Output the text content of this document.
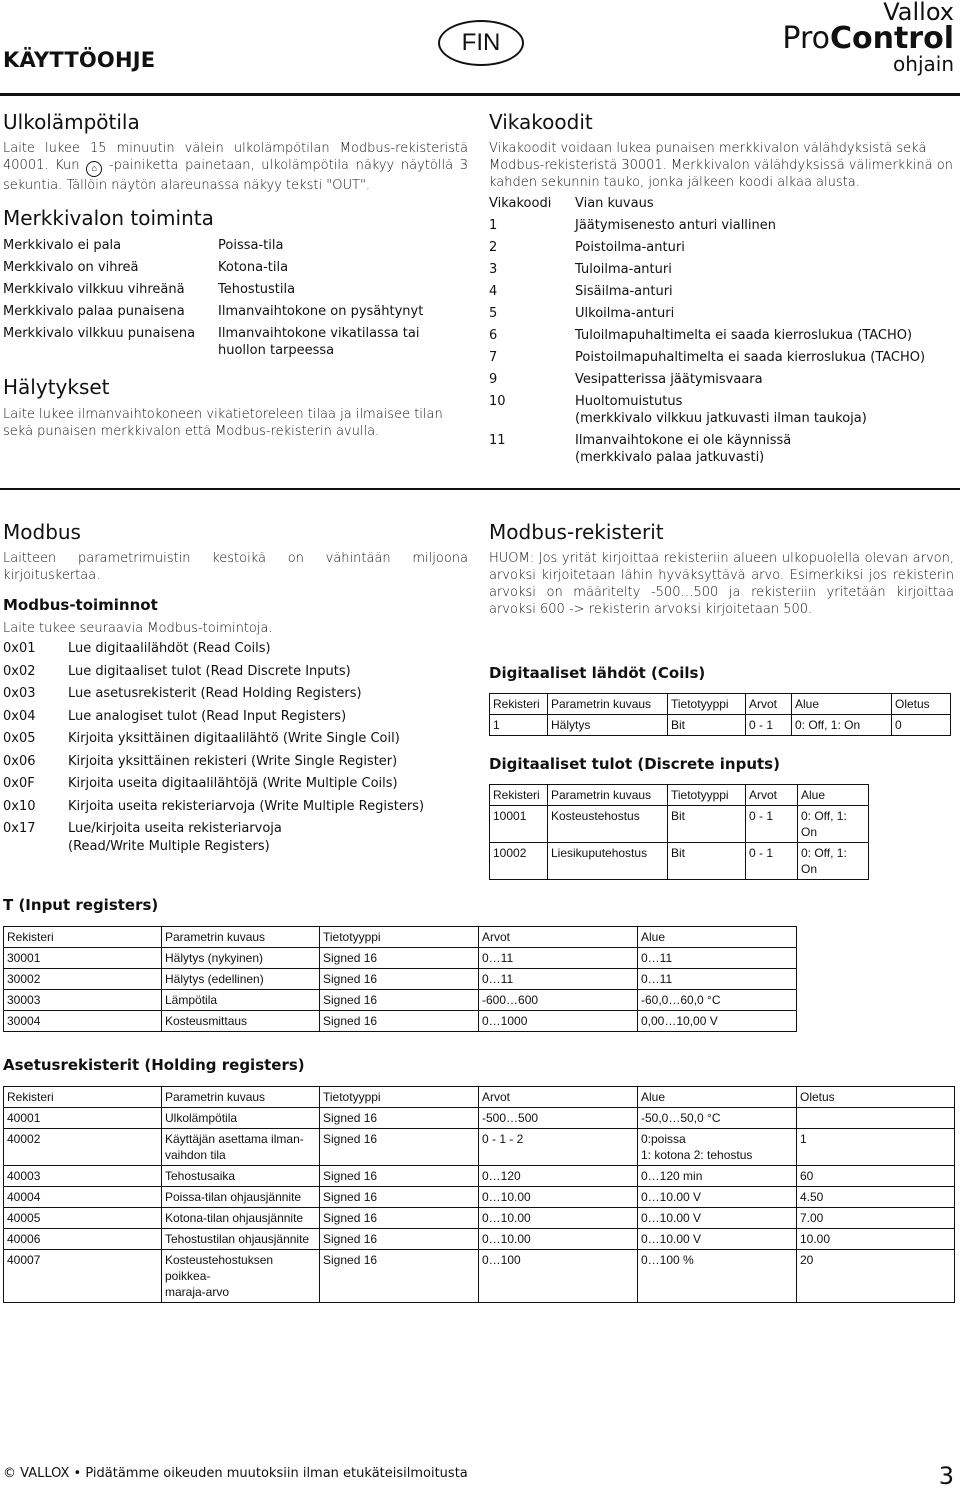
KÄYTTÖOHJE
FIN
Vallox
ProControl
ohjain
Ulkolämpötila

Laite lukee 15 minuutin välein ulkolämpötilan Modbus-rekisteristä 40001. Kun ⌂ -painiketta painetaan, ulkolämpötila näkyy näytöllä 3 sekuntia. Tällöin näytön alareunassa näkyy teksti "OUT".

Merkkivalon toiminta
Merkkivalo ei pala	Poissa-tila
Merkkivalo on vihreä	Kotona-tila
Merkkivalo vilkkuu vihreänä	Tehostustila
Merkkivalo palaa punaisena	Ilmanvaihtokone on pysähtynyt
Merkkivalo vilkkuu punaisena	Ilmanvaihtokone vikatilassa tai huollon tarpeessa
Hälytykset

Laite lukee ilmanvaihtokoneen vikatietoreleen tilaa ja ilmaisee tilan sekä punaisen merkkivalon että Modbus-rekisterin avulla.

Vikakoodit

Vikakoodit voidaan lukea punaisen merkkivalon välähdyksistä sekä Modbus-rekisteristä 30001. Merkkivalon välähdyksissä välimerkkinä on kahden sekunnin tauko, jonka jälkeen koodi alkaa alusta.

Vikakoodi	Vian kuvaus
1	Jäätymisenesto anturi viallinen
2	Poistoilma-anturi
3	Tuloilma-anturi
4	Sisäilma-anturi
5	Ulkoilma-anturi
6	Tuloilmapuhaltimelta ei saada kierroslukua (TACHO)
7	Poistoilmapuhaltimelta ei saada kierroslukua (TACHO)
9	Vesipatterissa jäätymisvaara
10	Huoltomuistutus
(merkkivalo vilkkuu jatkuvasti ilman taukoja)
11	Ilmanvaihtokone ei ole käynnissä
(merkkivalo palaa jatkuvasti)
Modbus

Laitteen parametrimuistin kestoikä on vähintään miljoona kirjoituskertaa.

Modbus-toiminnot

Laite tukee seuraavia Modbus-toimintoja.

0x01	Lue digitaalilähdöt (Read Coils)
0x02	Lue digitaaliset tulot (Read Discrete Inputs)
0x03	Lue asetusrekisterit (Read Holding Registers)
0x04	Lue analogiset tulot (Read Input Registers)
0x05	Kirjoita yksittäinen digitaalilähtö (Write Single Coil)
0x06	Kirjoita yksittäinen rekisteri (Write Single Register)
0x0F	Kirjoita useita digitaalilähtöjä (Write Multiple Coils)
0x10	Kirjoita useita rekisteriarvoja (Write Multiple Registers)
0x17	Lue/kirjoita useita rekisteriarvoja
(Read/Write Multiple Registers)
Modbus-rekisterit

HUOM: Jos yrität kirjoittaa rekisteriin alueen ulkopuolella olevan arvon, arvoksi kirjoitetaan lähin hyväksyttävä arvo. Esimerkiksi jos rekisterin arvoksi on määritelty -500…500 ja rekisteriin yritetään kirjoittaa arvoksi 600 -> rekisterin arvoksi kirjoitetaan 500.

Digitaaliset lähdöt (Coils)
Rekisteri	Parametrin kuvaus	Tietotyyppi	Arvot	Alue	Oletus
1	Hälytys	Bit	0 - 1	0: Off, 1: On	0
Digitaaliset tulot (Discrete inputs)
Rekisteri	Parametrin kuvaus	Tietotyyppi	Arvot	Alue
10001	Kosteustehostus	Bit	0 - 1	0: Off, 1: On
10002	Liesikuputehostus	Bit	0 - 1	0: Off, 1: On
T (Input registers)
Rekisteri	Parametrin kuvaus	Tietotyyppi	Arvot	Alue
30001	Hälytys (nykyinen)	Signed 16	0…11	0…11
30002	Hälytys (edellinen)	Signed 16	0…11	0…11
30003	Lämpötila	Signed 16	-600…600	-60,0…60,0 °C
30004	Kosteusmittaus	Signed 16	0…1000	0,00…10,00 V
Asetusrekisterit (Holding registers)
Rekisteri	Parametrin kuvaus	Tietotyyppi	Arvot	Alue	Oletus
40001	Ulkolämpötila	Signed 16	-500…500	-50,0…50,0 °C	
40002	Käyttäjän asettama ilman-
vaihdon tila	Signed 16	0 - 1 - 2	0:poissa
1: kotona 2: tehostus	1
40003	Tehostusaika	Signed 16	0…120	0…120 min	60
40004	Poissa-tilan ohjausjännite	Signed 16	0…10.00	0…10.00 V	4.50
40005	Kotona-tilan ohjausjännite	Signed 16	0…10.00	0…10.00 V	7.00
40006	Tehostustilan ohjausjännite	Signed 16	0…10.00	0…10.00 V	10.00
40007	Kosteustehostuksen poikkea-
maraja-arvo	Signed 16	0…100	0…100 %	20
© VALLOX • Pidätämme oikeuden muutoksiin ilman etukäteisilmoitusta	3
